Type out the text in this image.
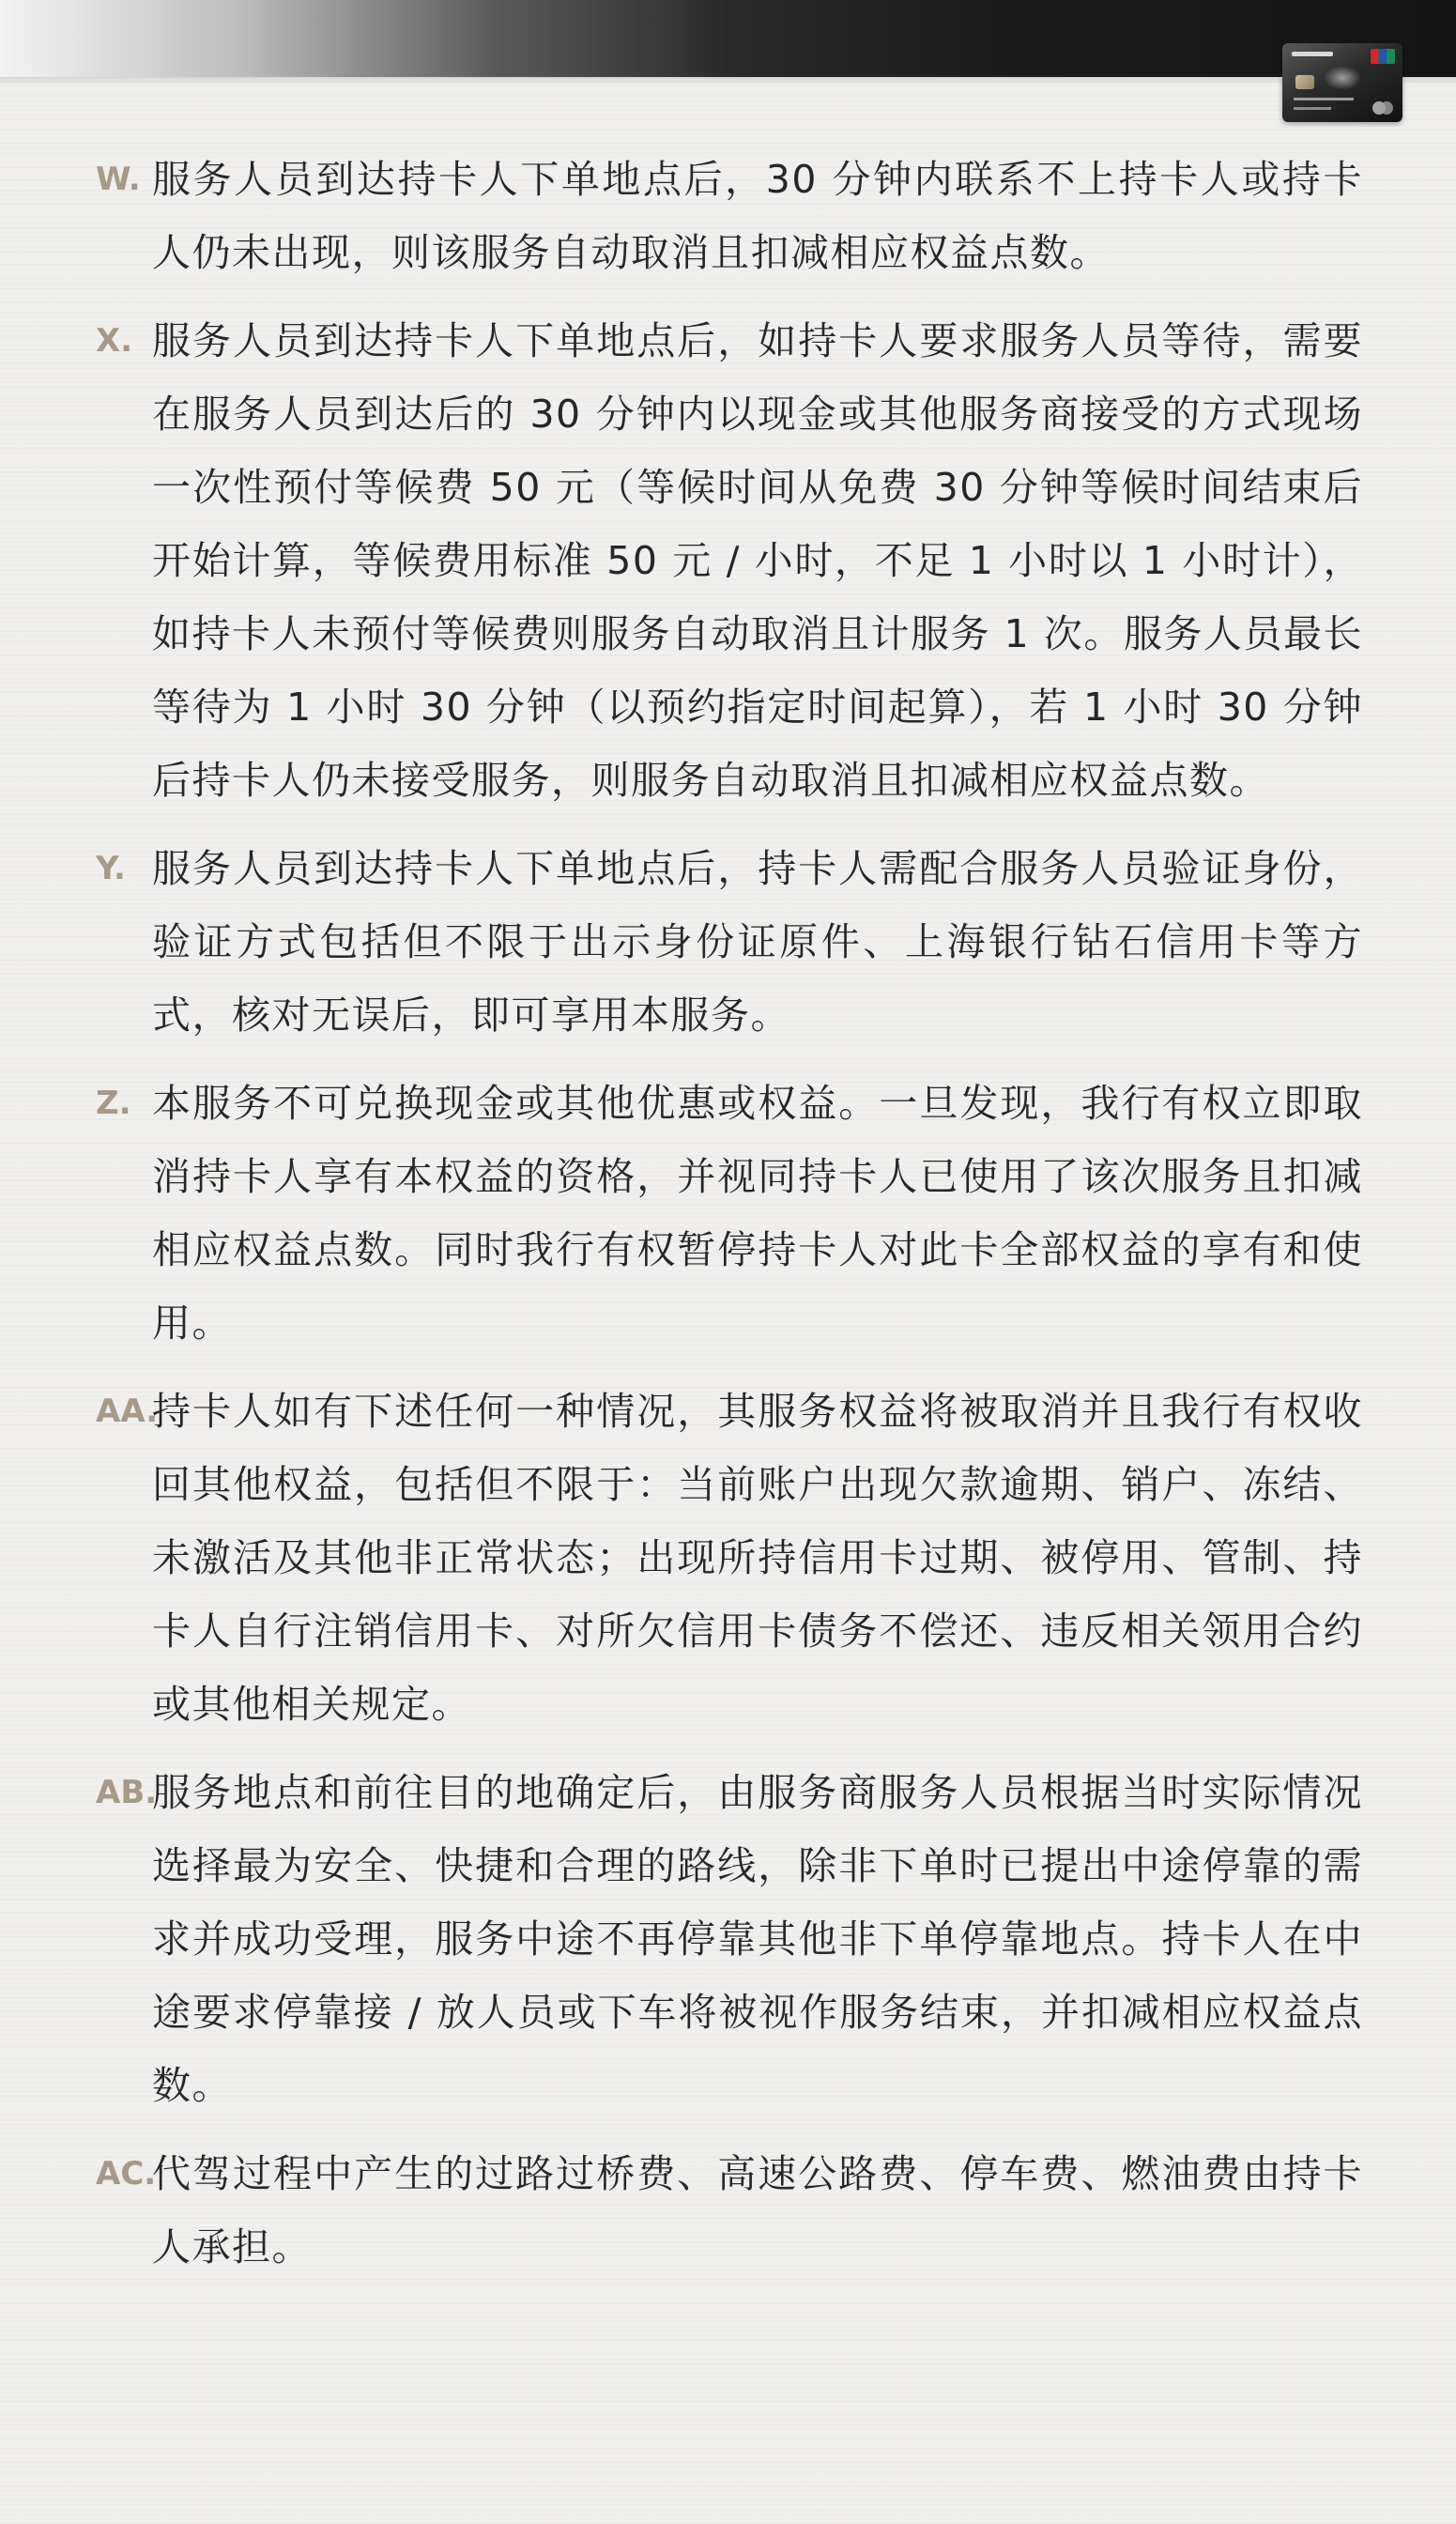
W. 服务人员到达持卡人下单地点后，30 分钟内联系不上持卡人或持卡人仍未出现，则该服务自动取消且扣减相应权益点数。

X. 服务人员到达持卡人下单地点后，如持卡人要求服务人员等待，需要在服务人员到达后的 30 分钟内以现金或其他服务商接受的方式现场一次性预付等候费 50 元（等候时间从免费 30 分钟等候时间结束后开始计算，等候费用标准 50 元 / 小时，不足 1 小时以 1 小时计），如持卡人未预付等候费则服务自动取消且计服务 1 次。服务人员最长等待为 1 小时 30 分钟（以预约指定时间起算），若 1 小时 30 分钟后持卡人仍未接受服务，则服务自动取消且扣减相应权益点数。

Y. 服务人员到达持卡人下单地点后，持卡人需配合服务人员验证身份，验证方式包括但不限于出示身份证原件、上海银行钻石信用卡等方式，核对无误后，即可享用本服务。

Z. 本服务不可兑换现金或其他优惠或权益。一旦发现，我行有权立即取消持卡人享有本权益的资格，并视同持卡人已使用了该次服务且扣减相应权益点数。同时我行有权暂停持卡人对此卡全部权益的享有和使用。

AA.

持卡人如有下述任何一种情况，其服务权益将被取消并且我行有权收回其他权益，包括但不限于：当前账户出现欠款逾期、销户、冻结、未激活及其他非正常状态；出现所持信用卡过期、被停用、管制、持卡人自行注销信用卡、对所欠信用卡债务不偿还、违反相关领用合约或其他相关规定。

AB.

服务地点和前往目的地确定后，由服务商服务人员根据当时实际情况选择最为安全、快捷和合理的路线，除非下单时已提出中途停靠的需求并成功受理，服务中途不再停靠其他非下单停靠地点。持卡人在中途要求停靠接 / 放人员或下车将被视作服务结束，并扣减相应权益点数。

AC.

代驾过程中产生的过路过桥费、高速公路费、停车费、燃油费由持卡人承担。
